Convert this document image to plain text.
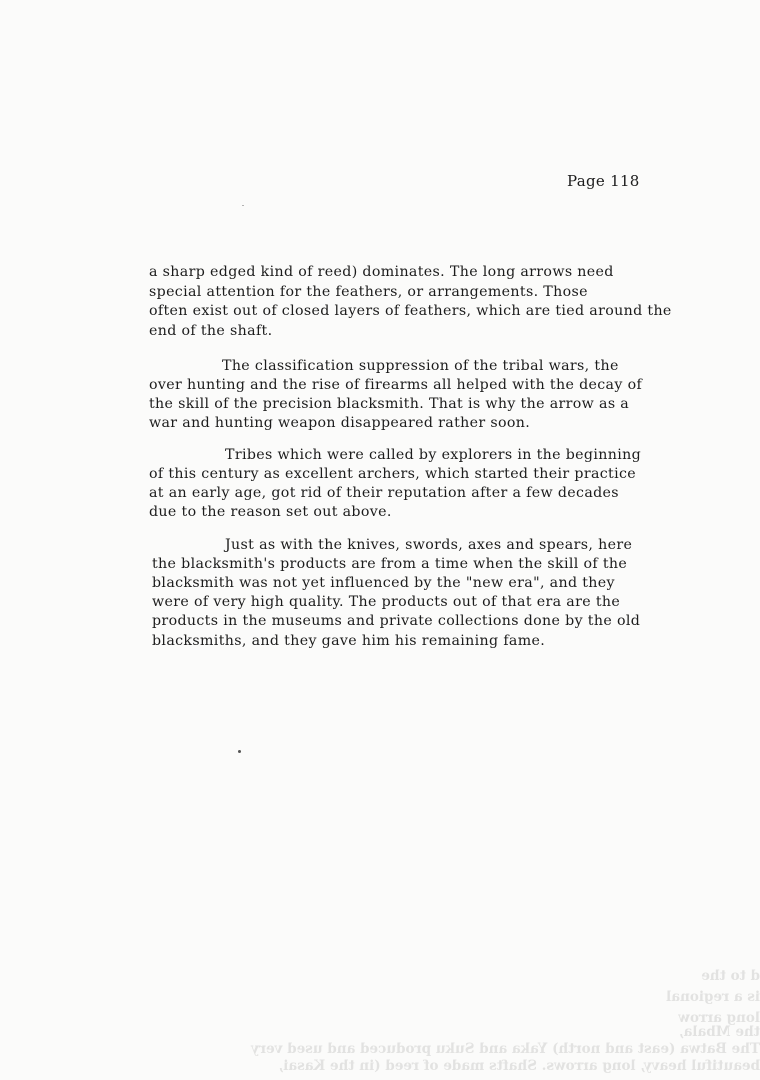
Page 118
a sharp edged kind of reed) dominates. The long arrows need
special attention for the feathers, or arrangements. Those
often exist out of closed layers of feathers, which are tied around the
end of the shaft.
The classification suppression of the tribal wars, the
over hunting and the rise of firearms all helped with the decay of
the skill of the precision blacksmith. That is why the arrow as a
war and hunting weapon disappeared rather soon.
Tribes which were called by explorers in the beginning
of this century as excellent archers, which started their practice
at an early age, got rid of their reputation after a few decades
due to the reason set out above.
Just as with the knives, swords, axes and spears, here
the blacksmith's products are from a time when the skill of the
blacksmith was not yet influenced by the "new era", and they
were of very high quality. The products out of that era are the
products in the museums and private collections done by the old
blacksmiths, and they gave him his remaining fame.
d to the
is a regional
long arrow
the Mbala,
The Batwa (east and north) Yaka and Suku produced and used very
beautiful heavy, long arrows. Shafts made of reed (in the Kasai,
